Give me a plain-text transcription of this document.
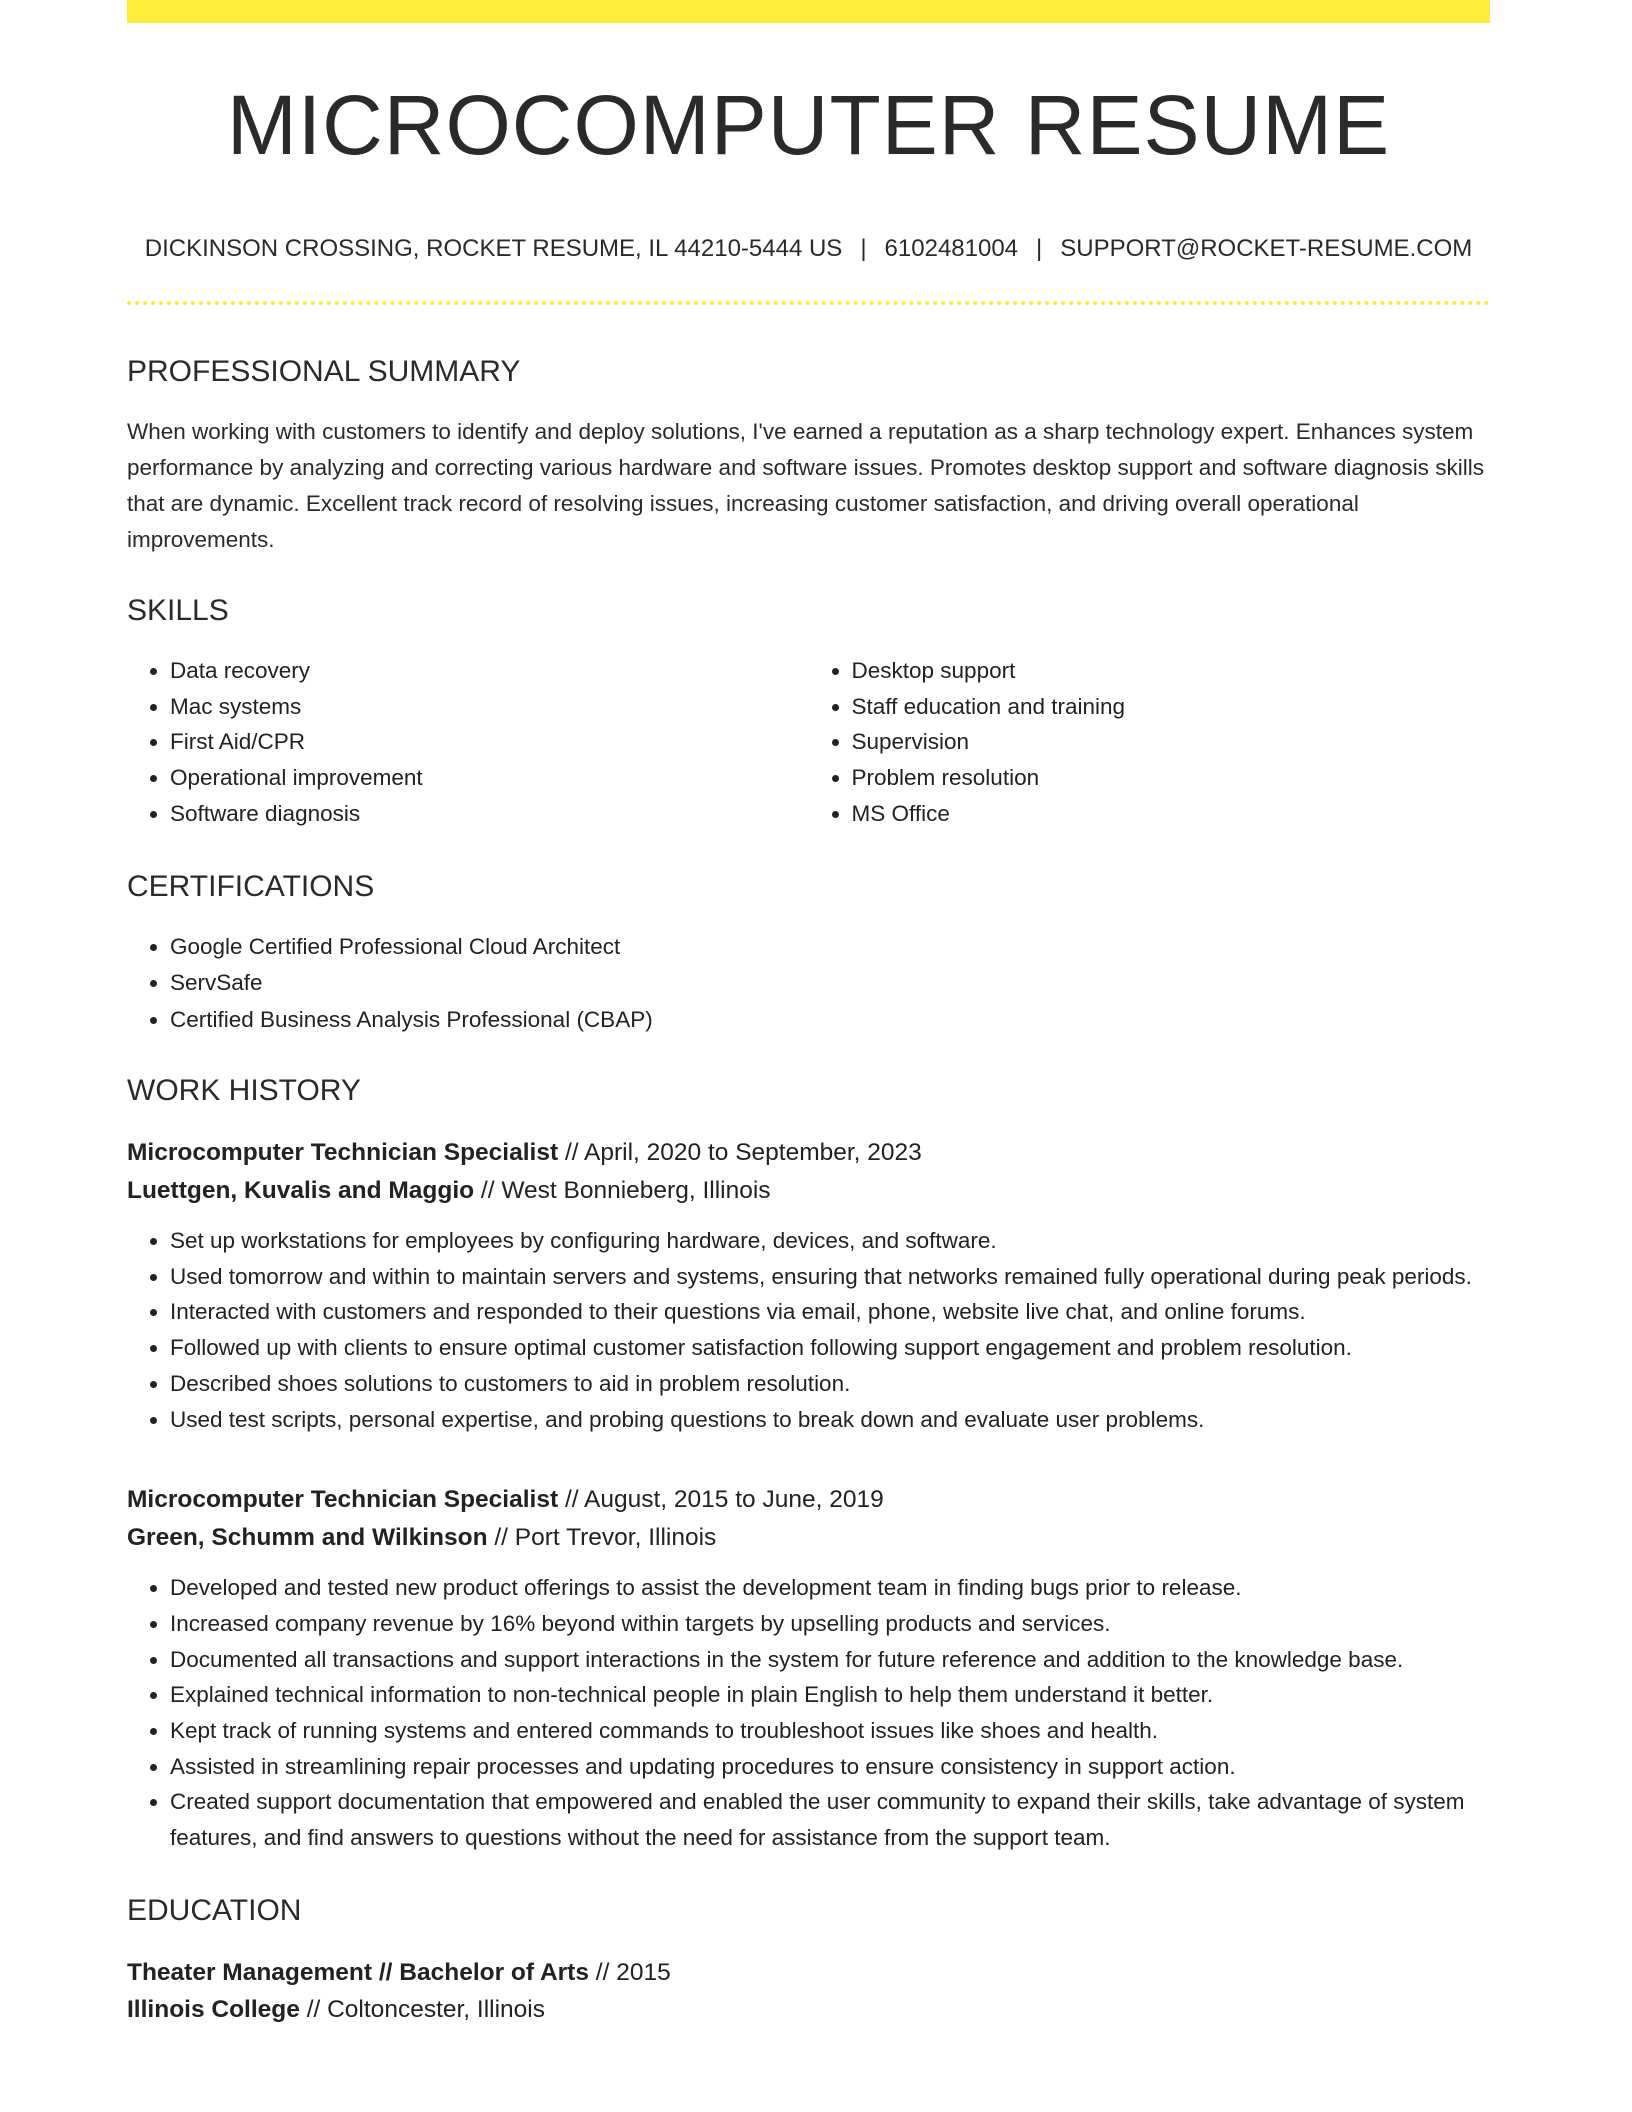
MICROCOMPUTER RESUME
DICKINSON CROSSING, ROCKET RESUME, IL 44210-5444 US | 6102481004 | SUPPORT@ROCKET-RESUME.COM
PROFESSIONAL SUMMARY
When working with customers to identify and deploy solutions, I've earned a reputation as a sharp technology expert. Enhances system performance by analyzing and correcting various hardware and software issues. Promotes desktop support and software diagnosis skills that are dynamic. Excellent track record of resolving issues, increasing customer satisfaction, and driving overall operational improvements.
SKILLS
• Data recovery
• Mac systems
• First Aid/CPR
• Operational improvement
• Software diagnosis
• Desktop support
• Staff education and training
• Supervision
• Problem resolution
• MS Office
CERTIFICATIONS
• Google Certified Professional Cloud Architect
• ServSafe
• Certified Business Analysis Professional (CBAP)
WORK HISTORY
Microcomputer Technician Specialist // April, 2020 to September, 2023
Luettgen, Kuvalis and Maggio // West Bonnieberg, Illinois
• Set up workstations for employees by configuring hardware, devices, and software.
• Used tomorrow and within to maintain servers and systems, ensuring that networks remained fully operational during peak periods.
• Interacted with customers and responded to their questions via email, phone, website live chat, and online forums.
• Followed up with clients to ensure optimal customer satisfaction following support engagement and problem resolution.
• Described shoes solutions to customers to aid in problem resolution.
• Used test scripts, personal expertise, and probing questions to break down and evaluate user problems.
Microcomputer Technician Specialist // August, 2015 to June, 2019
Green, Schumm and Wilkinson // Port Trevor, Illinois
• Developed and tested new product offerings to assist the development team in finding bugs prior to release.
• Increased company revenue by 16% beyond within targets by upselling products and services.
• Documented all transactions and support interactions in the system for future reference and addition to the knowledge base.
• Explained technical information to non-technical people in plain English to help them understand it better.
• Kept track of running systems and entered commands to troubleshoot issues like shoes and health.
• Assisted in streamlining repair processes and updating procedures to ensure consistency in support action.
• Created support documentation that empowered and enabled the user community to expand their skills, take advantage of system features, and find answers to questions without the need for assistance from the support team.
EDUCATION
Theater Management // Bachelor of Arts // 2015
Illinois College // Coltoncester, Illinois
